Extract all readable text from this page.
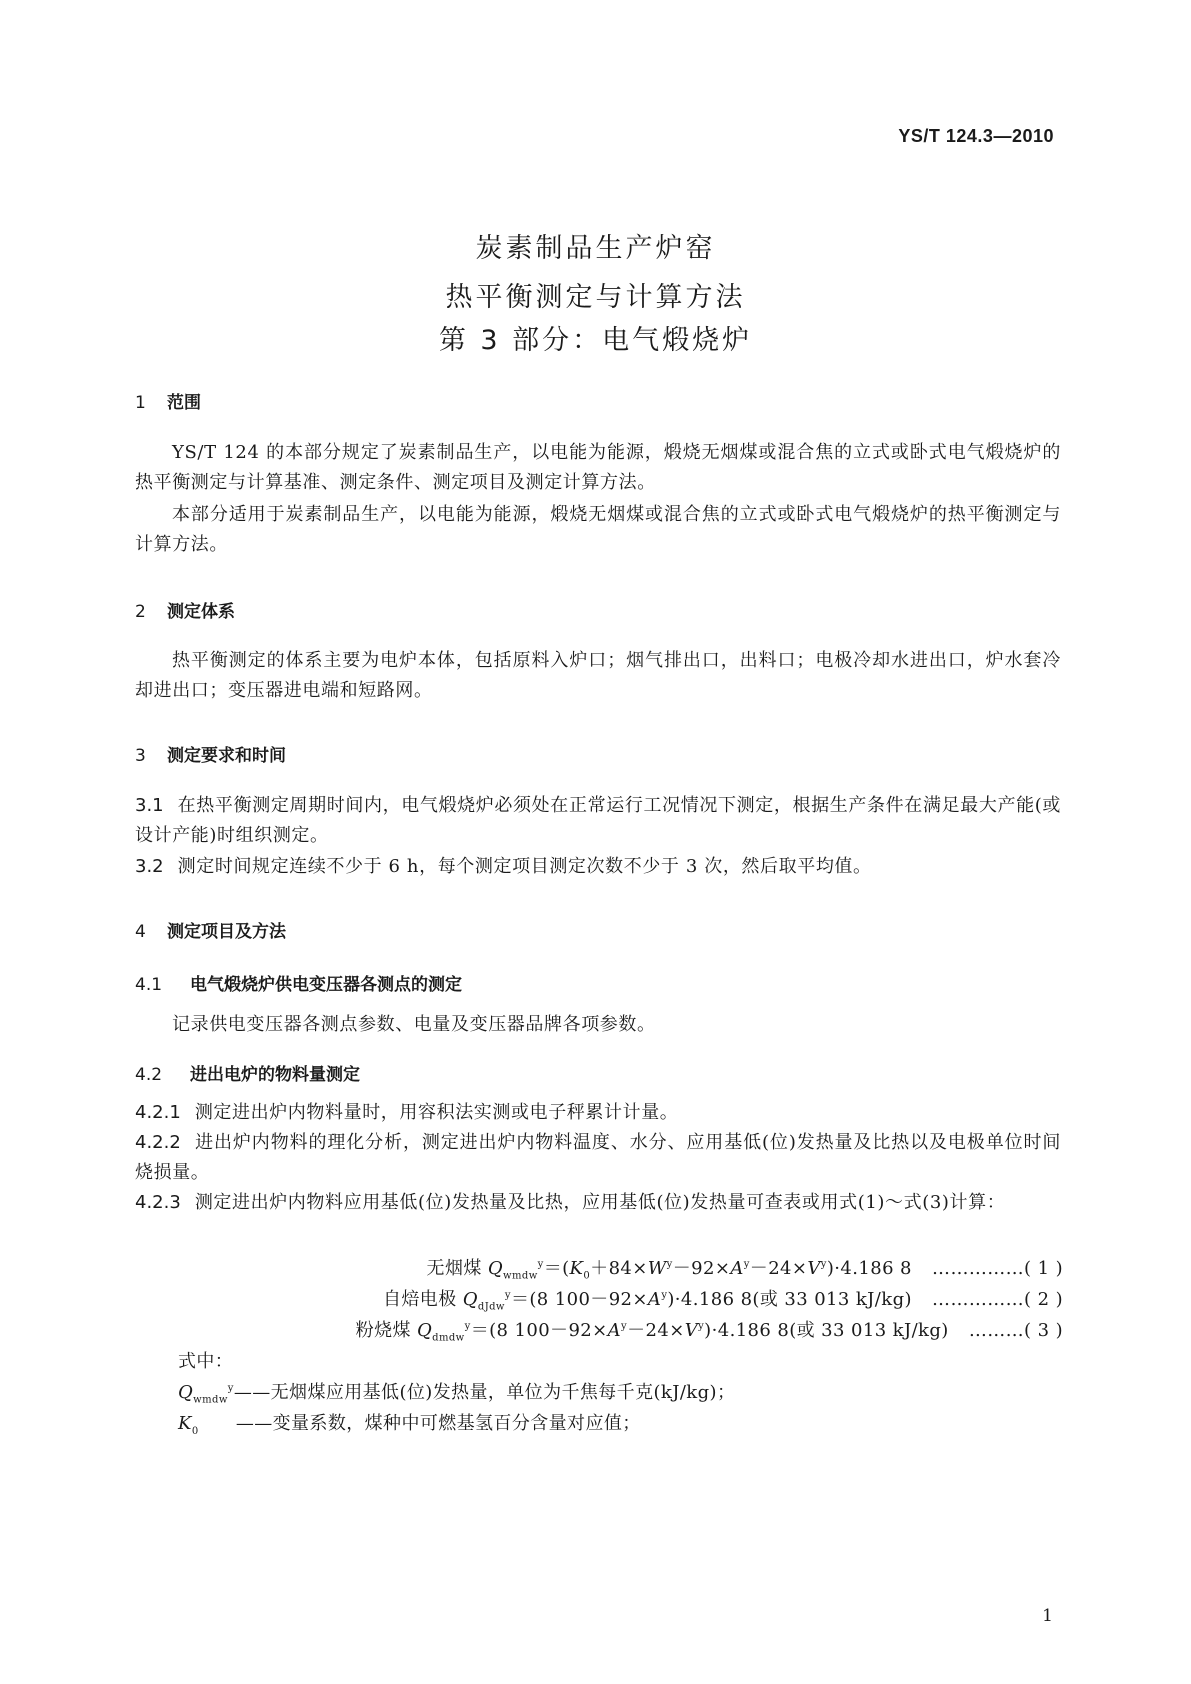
YS/T 124.3—2010
炭素制品生产炉窑
热平衡测定与计算方法
第 3 部分：电气煅烧炉
1 范围
YS/T 124 的本部分规定了炭素制品生产，以电能为能源，煅烧无烟煤或混合焦的立式或卧式电气煅烧炉的热平衡测定与计算基准、测定条件、测定项目及测定计算方法。
本部分适用于炭素制品生产，以电能为能源，煅烧无烟煤或混合焦的立式或卧式电气煅烧炉的热平衡测定与计算方法。
2 测定体系
热平衡测定的体系主要为电炉本体，包括原料入炉口；烟气排出口，出料口；电极冷却水进出口，炉水套冷却进出口；变压器进电端和短路网。
3 测定要求和时间
3.1 在热平衡测定周期时间内，电气煅烧炉必须处在正常运行工况情况下测定，根据生产条件在满足最大产能(或设计产能)时组织测定。
3.2 测定时间规定连续不少于 6 h，每个测定项目测定次数不少于 3 次，然后取平均值。
4 测定项目及方法
4.1 电气煅烧炉供电变压器各测点的测定
记录供电变压器各测点参数、电量及变压器品牌各项参数。
4.2 进出电炉的物料量测定
4.2.1 测定进出炉内物料量时，用容积法实测或电子秤累计计量。
4.2.2 进出炉内物料的理化分析，测定进出炉内物料温度、水分、应用基低(位)发热量及比热以及电极单位时间烧损量。
4.2.3 测定进出炉内物料应用基低(位)发热量及比热，应用基低(位)发热量可查表或用式(1)～式(3)计算：
无烟煤 $Q_{wmdw}^y=(K_0+84\times W^y-92\times A^y-24\times V^y)\cdot 4.186$ 8 ……………( 1 )
自焙电极 $Q_{dJdw}^y=(8$ $100-92\times A^y)\cdot 4.186$ 8(或 33 013 kJ/kg) ……………( 2 )
粉烧煤 $Q_{dmdw}^y=(8$ $100-92\times A^y-24\times V^y)\cdot 4.186$ 8(或 33 013 kJ/kg) ………( 3 )
式中：
$Q_{wmdw}^y——$无烟煤应用基低(位)发热量，单位为千焦每千克(kJ/kg)；
$K_0$ ——变量系数，煤种中可燃基氢百分含量对应值；
1
